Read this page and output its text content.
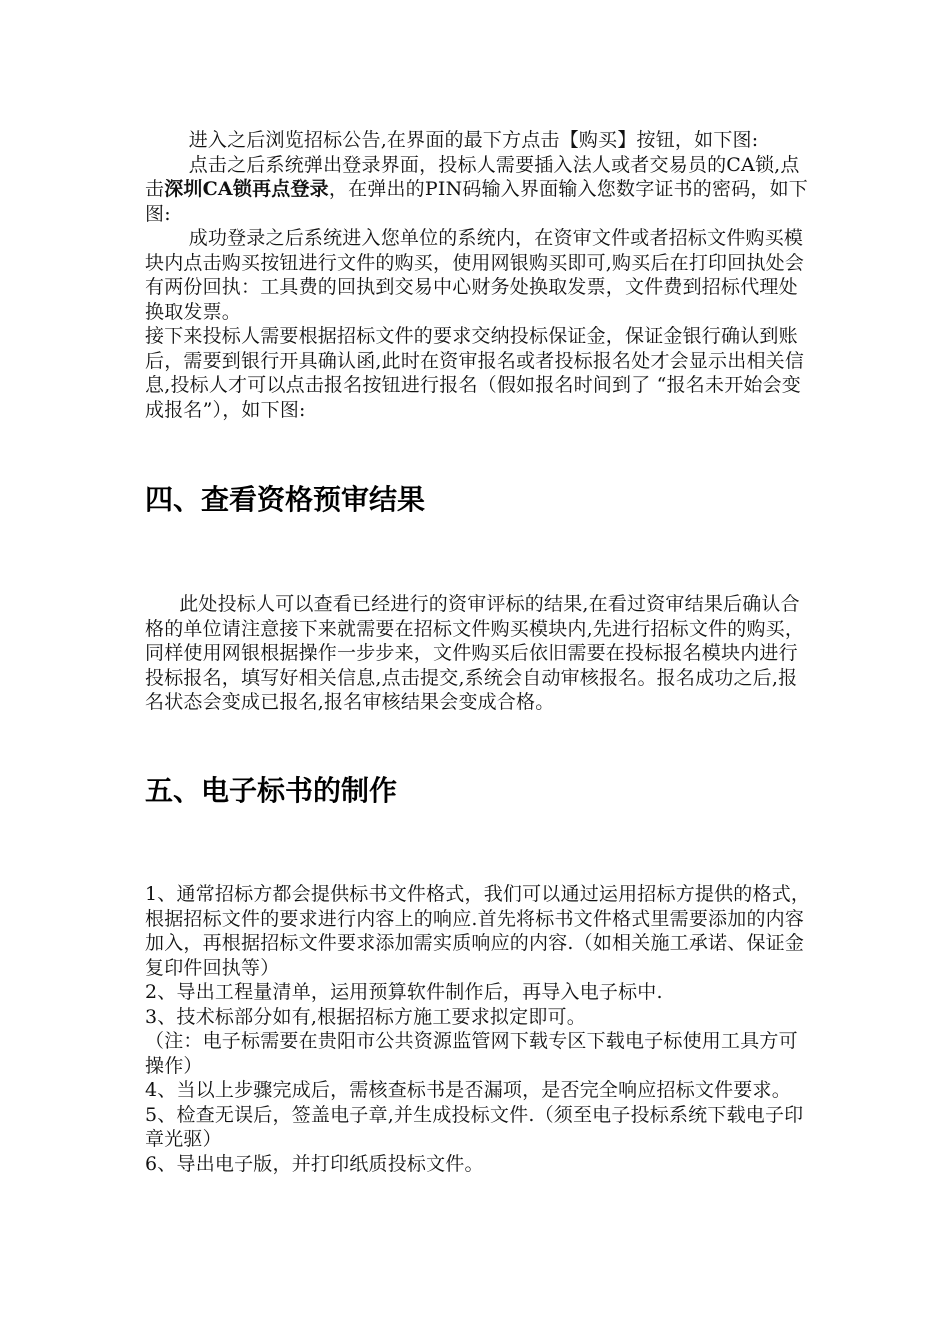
进入之后浏览招标公告,在界面的最下方点击【购买】按钮，如下图:

点击之后系统弹出登录界面，投标人需要插入法人或者交易员的CA锁,点击深圳CA锁再点登录，在弹出的PIN码输入界面输入您数字证书的密码，如下图:

成功登录之后系统进入您单位的系统内，在资审文件或者招标文件购买模块内点击购买按钮进行文件的购买，使用网银购买即可,购买后在打印回执处会有两份回执：工具费的回执到交易中心财务处换取发票，文件费到招标代理处换取发票。

接下来投标人需要根据招标文件的要求交纳投标保证金，保证金银行确认到账后，需要到银行开具确认函,此时在资审报名或者投标报名处才会显示出相关信息,投标人才可以点击报名按钮进行报名（假如报名时间到了 “报名未开始会变成报名”），如下图:

四、查看资格预审结果

此处投标人可以查看已经进行的资审评标的结果,在看过资审结果后确认合格的单位请注意接下来就需要在招标文件购买模块内,先进行招标文件的购买，同样使用网银根据操作一步步来，文件购买后依旧需要在投标报名模块内进行投标报名，填写好相关信息,点击提交,系统会自动审核报名。报名成功之后,报名状态会变成已报名,报名审核结果会变成合格。

五、电子标书的制作

1、通常招标方都会提供标书文件格式，我们可以通过运用招标方提供的格式，根据招标文件的要求进行内容上的响应.首先将标书文件格式里需要添加的内容加入，再根据招标文件要求添加需实质响应的内容.（如相关施工承诺、保证金复印件回执等）

2、导出工程量清单，运用预算软件制作后，再导入电子标中.

3、技术标部分如有,根据招标方施工要求拟定即可。

（注：电子标需要在贵阳市公共资源监管网下载专区下载电子标使用工具方可操作）

4、当以上步骤完成后，需核查标书是否漏项，是否完全响应招标文件要求。

5、检查无误后，签盖电子章,并生成投标文件.（须至电子投标系统下载电子印章光驱）

6、导出电子版，并打印纸质投标文件。
